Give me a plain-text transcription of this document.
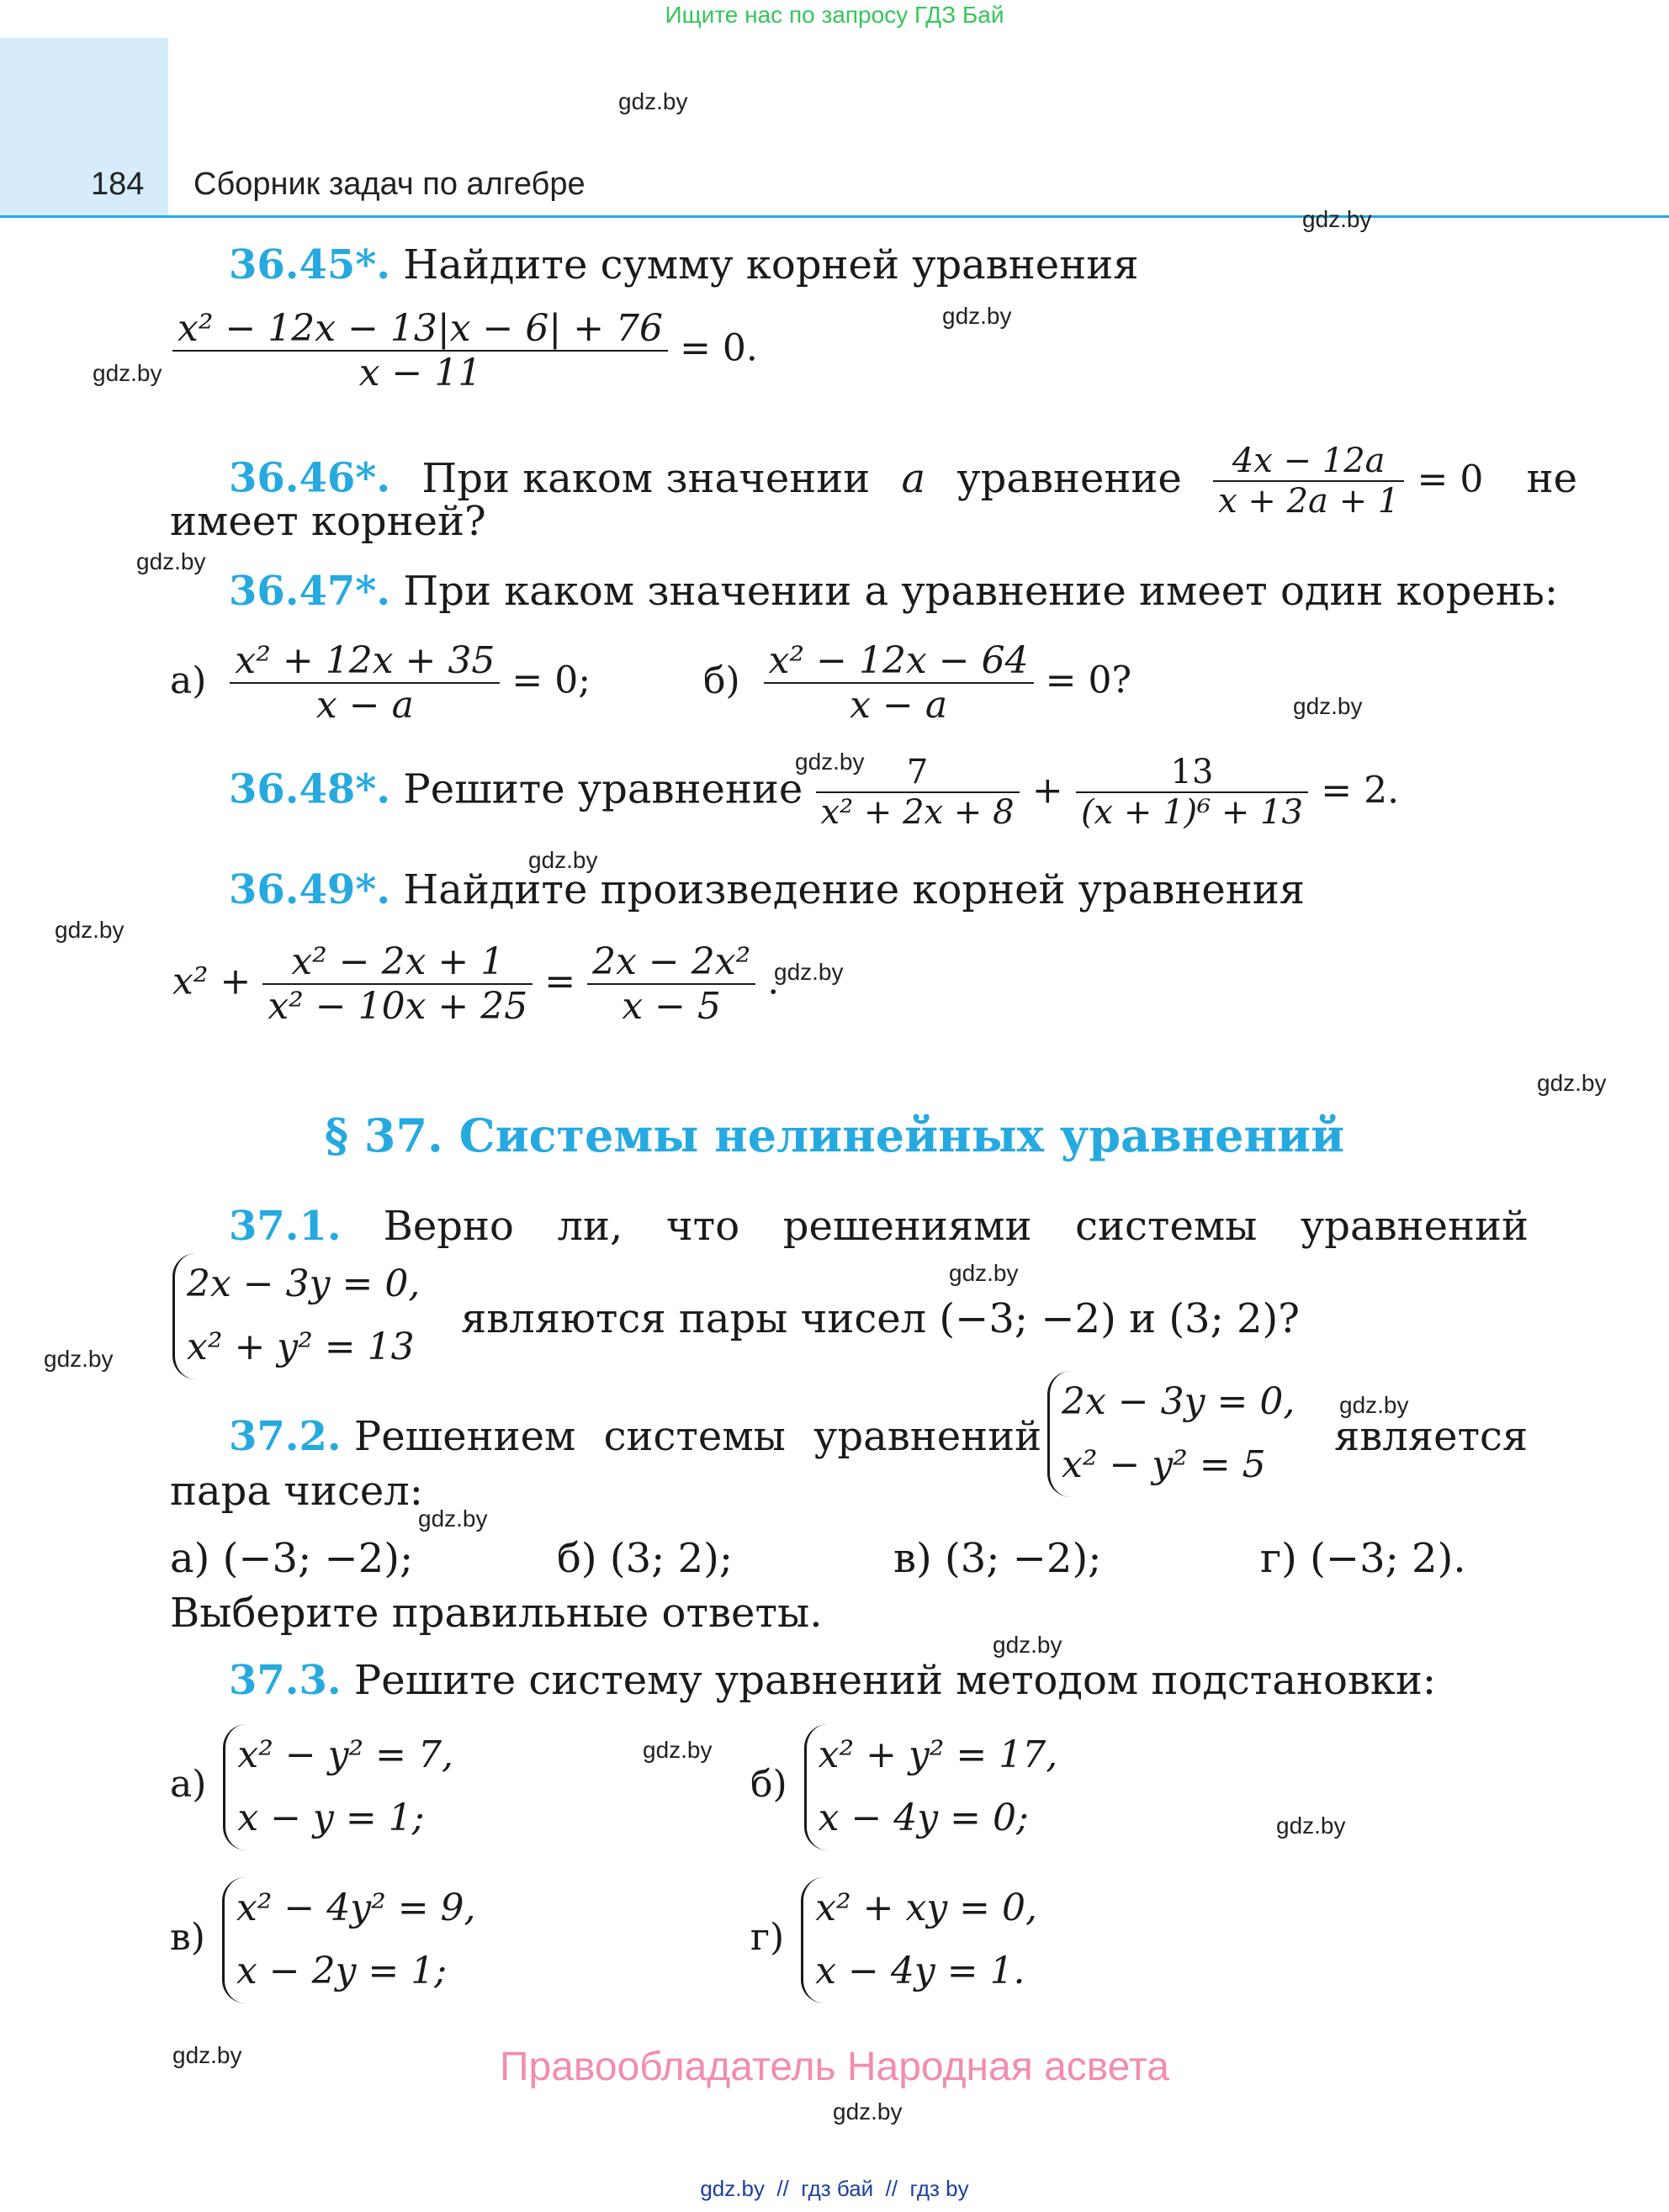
Ищите нас по запросу ГДЗ Бай
184 Сборник задач по алгебре
gdz.by
gdz.by
gdz.by
gdz.by
gdz.by
gdz.by
gdz.by
gdz.by
gdz.by
gdz.by
gdz.by
gdz.by
gdz.by
gdz.by
gdz.by
gdz.by
gdz.by
gdz.by
gdz.by
gdz.by
36.45*. Найдите сумму корней уравнения
$\frac{\text{x² − 12x − 13|x − 6| + 76}}{x - 11} = 0$.
36.46*. При каком значении a уравнение $\frac{4x - 12a}{x + 2a + 1} = 0$ не
имеет корней?
36.47*. При каком значении a уравнение имеет один корень:
$а) \frac{\text{x² + 12x + 35}}{x - a} = 0$;	$б) \frac{\text{x² − 12x − 64}}{x - a} = 0$?
36.48*. Решите уравнение $\frac{7}{\text{x² + 2x + 8}} + \frac{13}{\text{(x + 1)⁶ + 13}} = 2$.
36.49*. Найдите произведение корней уравнения
$x^2 + \frac{\text{x² − 2x + 1}}{\text{x² − 10x + 25}} = \frac{\text{2x − 2x²}}{x - 5}$ .
§ 37. Системы нелинейных уравнений
37.1. Верно ли, что решениями системы уравнений
2x − 3y = 0,
x² + y² = 13
являются пары чисел (−3; −2) и (3; 2)?
37.2. Решением системы уравнений
2x − 3y = 0,
x² − y² = 5
является
пара чисел:
а) (−3; −2);	б) (3; 2);	в) (3; −2);	г) (−3; 2).
Выберите правильные ответы.
37.3. Решите систему уравнений методом подстановки:
а)
x² − y² = 7,
x − y = 1;
б)
x² + y² = 17,
x − 4y = 0;
в)
x² − 4y² = 9,
x − 2y = 1;
г)
x² + xy = 0,
x − 4y = 1.
Правообладатель Народная асвета
gdz.by  //  гдз бай  //  гдз by
